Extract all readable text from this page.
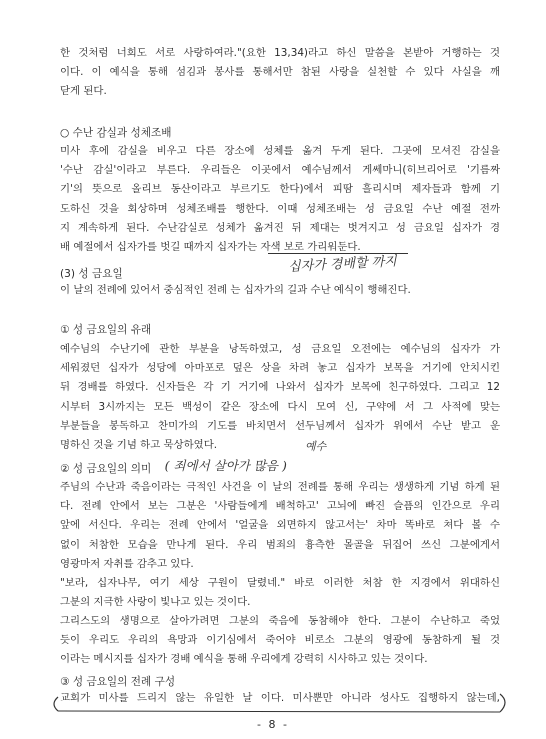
한 것처럼 너희도 서로 사랑하여라."(요한 13,34)라고 하신 말씀을 본받아 거행하는 것
이다. 이 예식을 통해 섬김과 봉사를 통해서만 참된 사랑을 실천할 수 있다 사실을 깨
닫게 된다.
○ 수난 감실과 성체조배
미사 후에 감실을 비우고 다른 장소에 성체를 옮겨 두게 된다. 그곳에 모셔진 감실을
'수난 감실'이라고 부른다. 우리들은 이곳에서 예수님께서 게쎄마니(히브리어로 '기름짜
기'의 뜻으로 올리브 동산이라고 부르기도 한다)에서 피땀 흘리시며 제자들과 함께 기
도하신 것을 회상하며 성체조배를 행한다. 이때 성체조배는 성 금요일 수난 예절 전까
지 계속하게 된다. 수난감실로 성체가 옮겨진 뒤 제대는 벗겨지고 성 금요일 십자가 경
배 예절에서 십자가를 벗길 때까지 십자가는 자색 보로 가리워둔다.
십자가 경배할 까지
(3) 성 금요일
이 날의 전례에 있어서 중심적인 전례 는 십자가의 길과 수난 예식이 행해진다.
① 성 금요일의 유래
예수님의 수난기에 관한 부분을 낭독하였고, 성 금요일 오전에는 예수님의 십자가 가
세워졌던 십자가 성당에 아마포로 덮은 상을 차려 놓고 십자가 보목을 거기에 안치시킨
뒤 경배를 하였다. 신자들은 각 기 거기에 나와서 십자가 보목에 친구하였다. 그리고 12
시부터 3시까지는 모든 백성이 같은 장소에 다시 모여 신, 구약에 서 그 사적에 맞는
부분들을 봉독하고 찬미가의 기도를 바치면서 선두님께서 십자가 위에서 수난 받고 운
명하신 것을 기념 하고 묵상하였다.	예수
② 성 금요일의 의미 ( 죄에서 살아가 많음 )
주님의 수난과 죽음이라는 극적인 사건을 이 날의 전례를 통해 우리는 생생하게 기념 하게 된
다. 전례 안에서 보는 그분은 '사람들에게 배척하고' 고뇌에 빠진 슬픔의 인간으로 우리
앞에 서신다. 우리는 전례 안에서 '얼굴을 외면하지 않고서는' 차마 똑바로 쳐다 볼 수
없이 처참한 모습을 만나게 된다. 우리 범죄의 흉측한 몰골을 뒤집어 쓰신 그분에게서
영광마저 자취를 감추고 있다.
"보라, 십자나무, 여기 세상 구원이 달렸네." 바로 이러한 처참 한 지경에서 위대하신
그분의 지극한 사랑이 빛나고 있는 것이다.
그리스도의 생명으로 살아가려면 그분의 죽음에 동참해야 한다. 그분이 수난하고 죽었
듯이 우리도 우리의 욕망과 이기심에서 죽어야 비로소 그분의 영광에 동참하게 될 것
이라는 메시지를 십자가 경배 예식을 통해 우리에게 강력히 시사하고 있는 것이다.
③ 성 금요일의 전례 구성
교회가 미사를 드리지 않는 유일한 날 이다. 미사뿐만 아니라 성사도 집행하지 않는데,
- 8 -
